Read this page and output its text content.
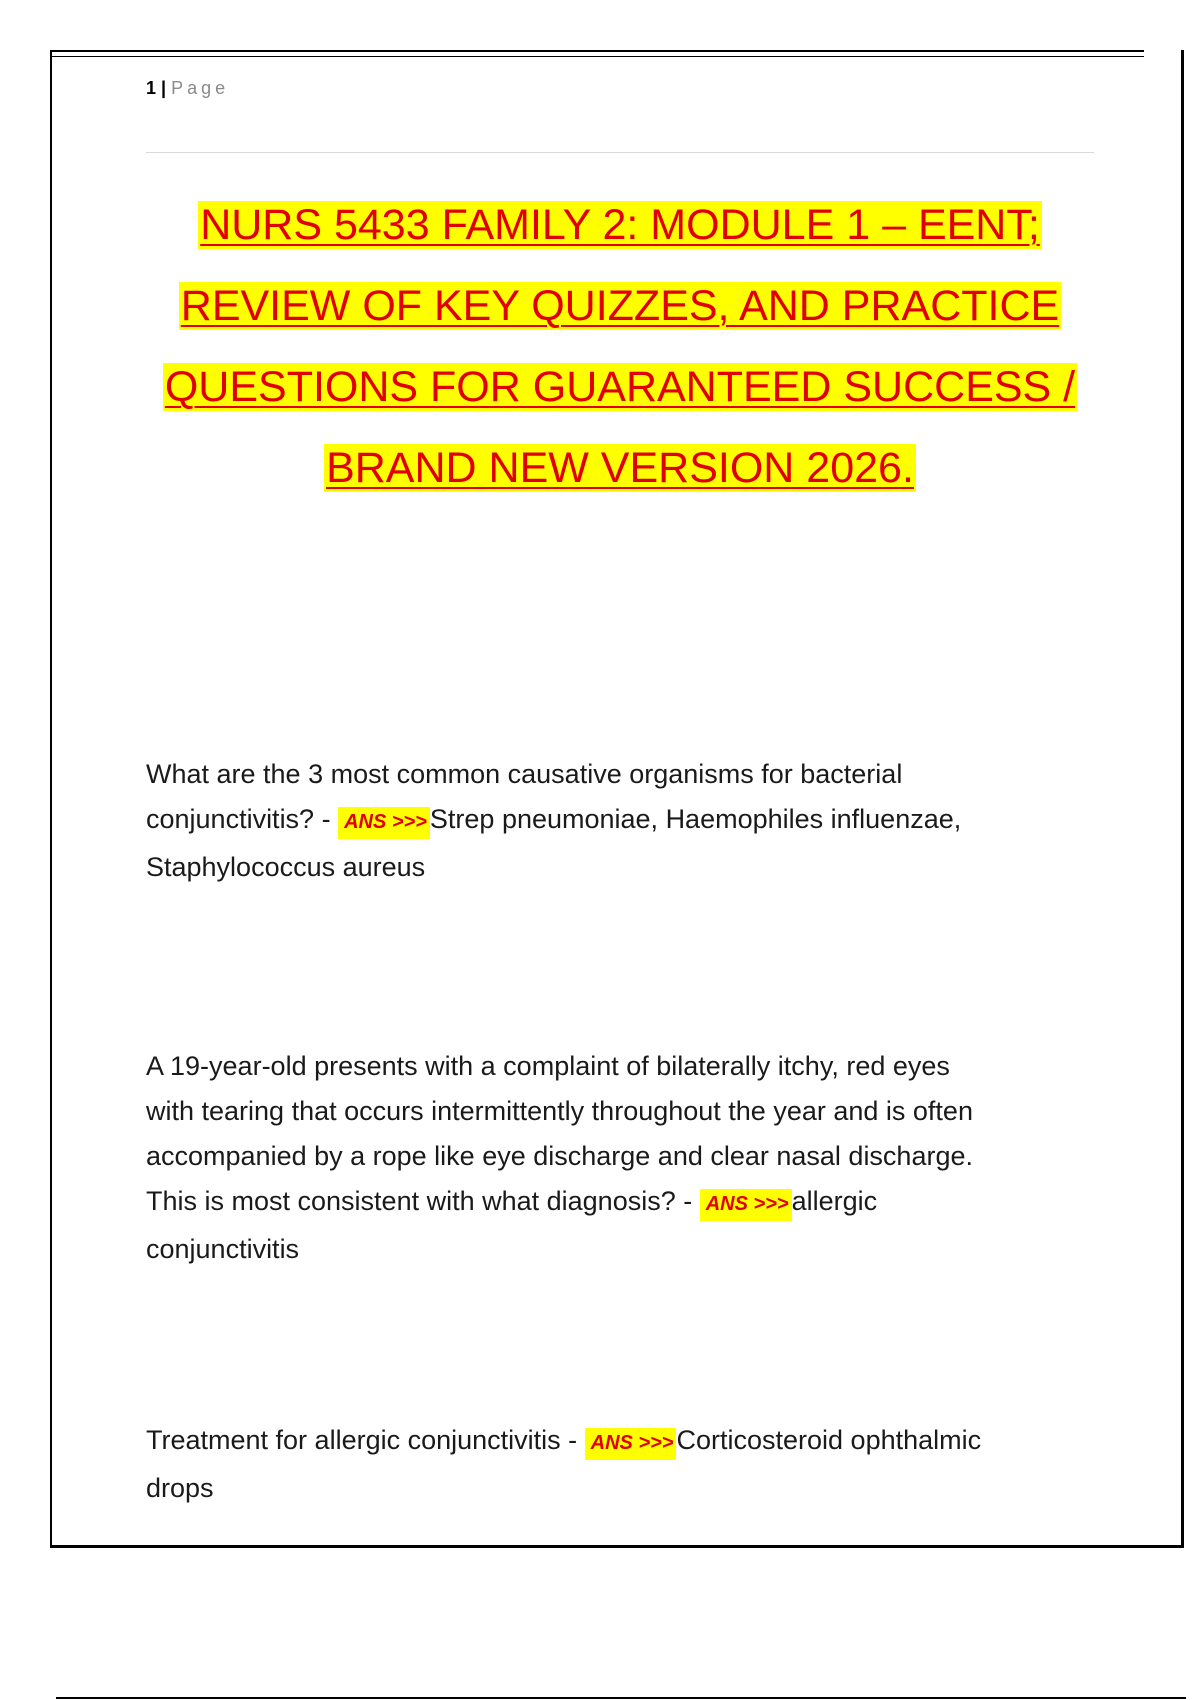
1 | Page
NURS 5433 FAMILY 2: MODULE 1 – EENT;
REVIEW OF KEY QUIZZES, AND PRACTICE
QUESTIONS FOR GUARANTEED SUCCESS /
BRAND NEW VERSION 2026.
What are the 3 most common causative organisms for bacterial
conjunctivitis? - ANS >>> Strep pneumoniae, Haemophiles influenzae,
Staphylococcus aureus
A 19-year-old presents with a complaint of bilaterally itchy, red eyes
with tearing that occurs intermittently throughout the year and is often
accompanied by a rope like eye discharge and clear nasal discharge.
This is most consistent with what diagnosis? - ANS >>> allergic
conjunctivitis
Treatment for allergic conjunctivitis - ANS >>> Corticosteroid ophthalmic
drops
